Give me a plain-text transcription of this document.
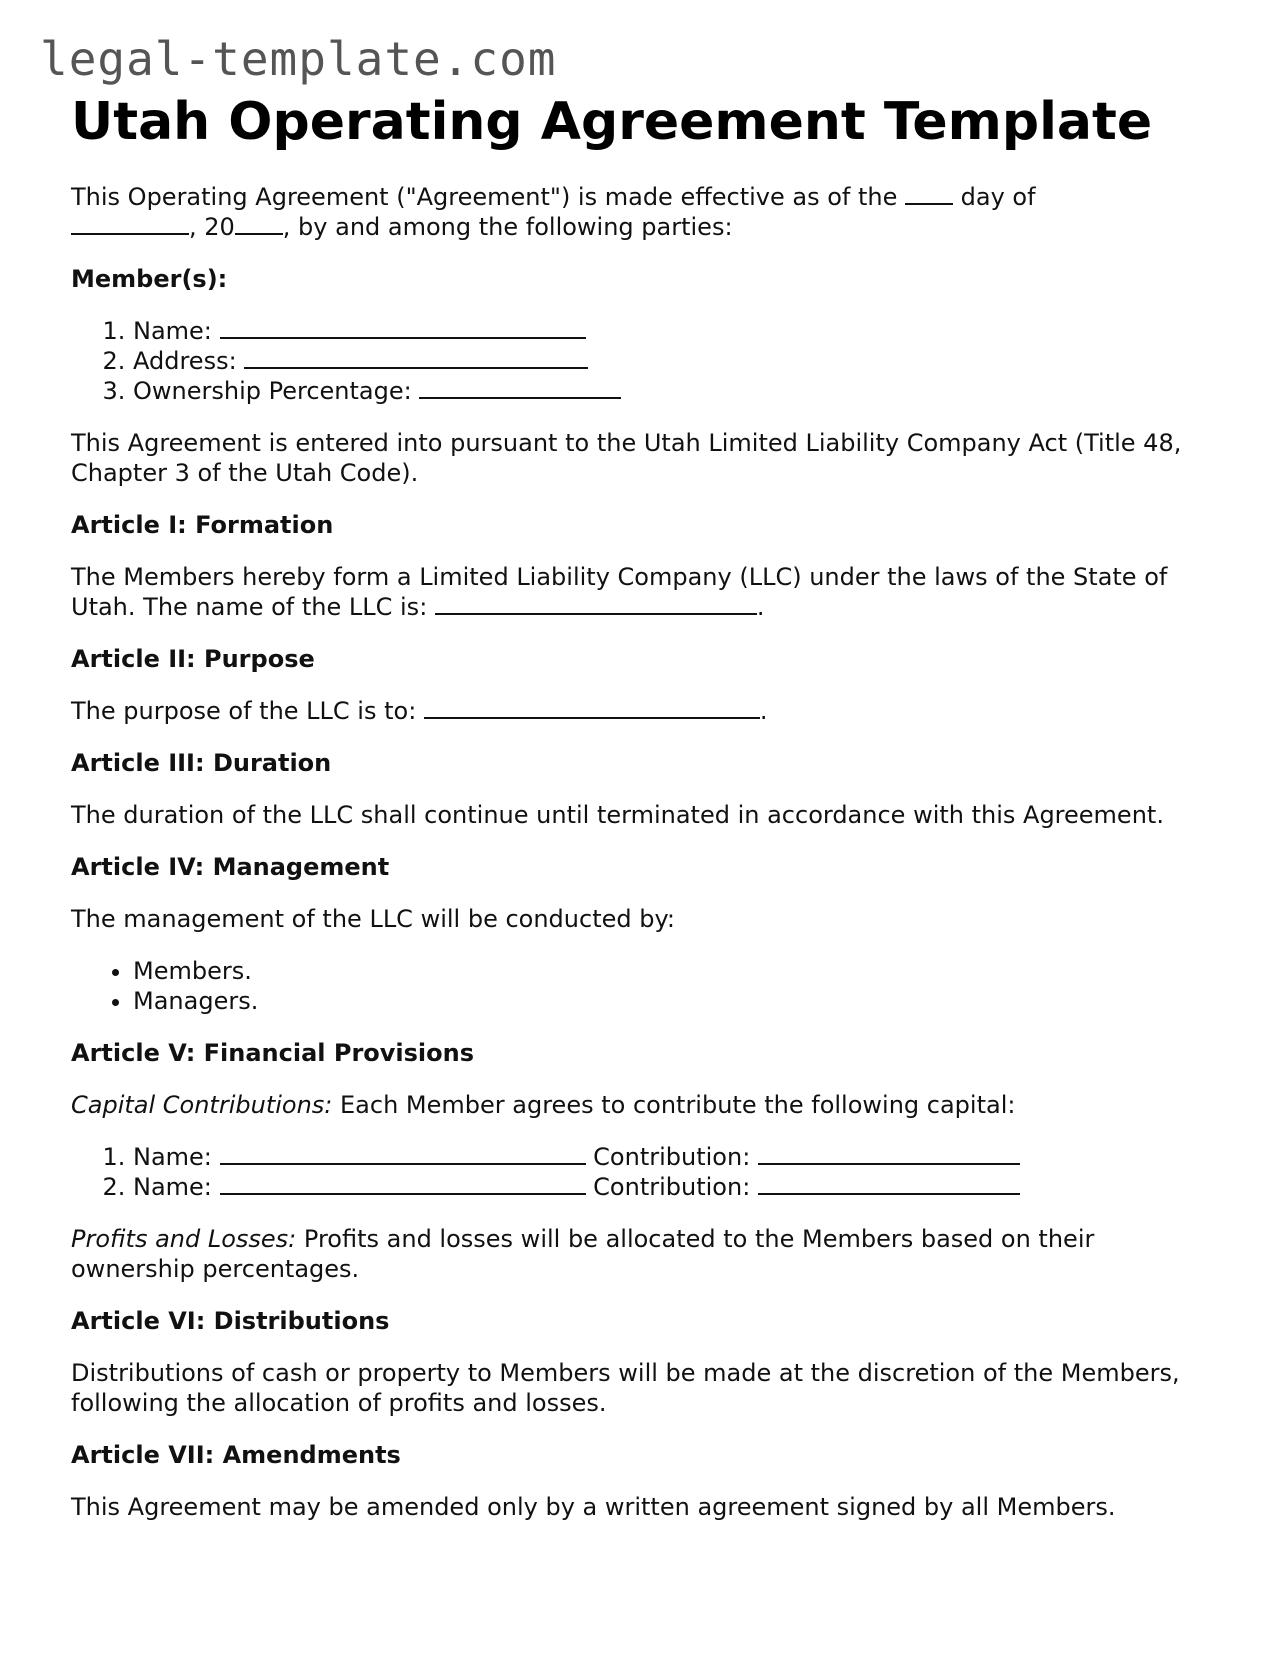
legal-template.com
Utah Operating Agreement Template

This Operating Agreement ("Agreement") is made effective as of the  day of
, 20 , by and among the following parties:

Member(s):

1. Name:
2. Address:
3. Ownership Percentage:

This Agreement is entered into pursuant to the Utah Limited Liability Company Act (Title 48, Chapter 3 of the Utah Code).

Article I: Formation

The Members hereby form a Limited Liability Company (LLC) under the laws of the State of Utah. The name of the LLC is:	.

Article II: Purpose

The purpose of the LLC is to:	.

Article III: Duration

The duration of the LLC shall continue until terminated in accordance with this Agreement.

Article IV: Management

The management of the LLC will be conducted by:

• Members.
• Managers.

Article V: Financial Provisions

Capital Contributions: Each Member agrees to contribute the following capital:

1. Name:	Contribution:
2. Name:	Contribution:

Profits and Losses: Profits and losses will be allocated to the Members based on their ownership percentages.

Article VI: Distributions

Distributions of cash or property to Members will be made at the discretion of the Members, following the allocation of profits and losses.

Article VII: Amendments

This Agreement may be amended only by a written agreement signed by all Members.
